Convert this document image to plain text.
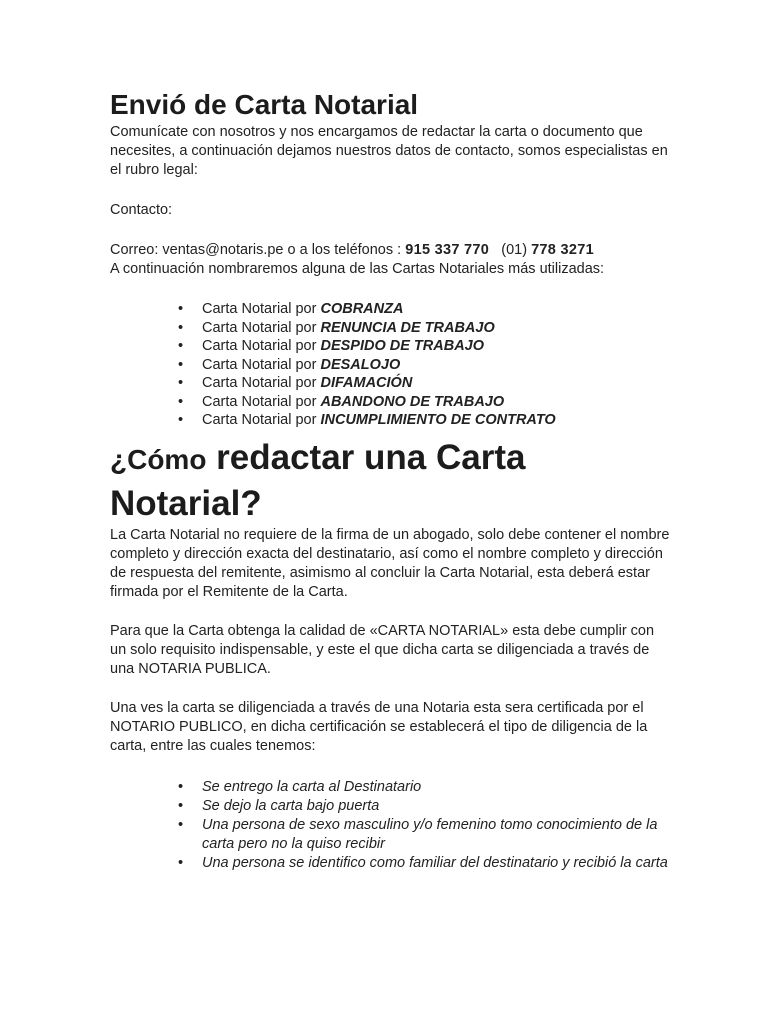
Envió de Carta Notarial

Comunícate con nosotros y nos encargamos de redactar la carta o documento que necesites, a continuación dejamos nuestros datos de contacto, somos especialistas en el rubro legal:

Contacto:

Correo: ventas@notaris.pe o a los teléfonos : 915 337 770   (01) 778 3271

A continuación nombraremos alguna de las Cartas Notariales más utilizadas:

• Carta Notarial por COBRANZA
• Carta Notarial por RENUNCIA DE TRABAJO
• Carta Notarial por DESPIDO DE TRABAJO
• Carta Notarial por DESALOJO
• Carta Notarial por DIFAMACIÓN
• Carta Notarial por ABANDONO DE TRABAJO
• Carta Notarial por INCUMPLIMIENTO DE CONTRATO
¿Cómo redactar una Carta Notarial?

La Carta Notarial no requiere de la firma de un abogado, solo debe contener el nombre completo y dirección exacta del destinatario, así como el nombre completo y dirección de respuesta del remitente, asimismo al concluir la Carta Notarial, esta deberá estar firmada por el Remitente de la Carta.

Para que la Carta obtenga la calidad de «CARTA NOTARIAL» esta debe cumplir con un solo requisito indispensable, y este el que dicha carta se diligenciada a través de una NOTARIA PUBLICA.

Una ves la carta se diligenciada a través de una Notaria esta sera certificada por el NOTARIO PUBLICO, en dicha certificación se establecerá el tipo de diligencia de la carta, entre las cuales tenemos:

• Se entrego la carta al Destinatario
• Se dejo la carta bajo puerta
• Una persona de sexo masculino y/o femenino tomo conocimiento de la carta pero no la quiso recibir
• Una persona se identifico como familiar del destinatario y recibió la carta
